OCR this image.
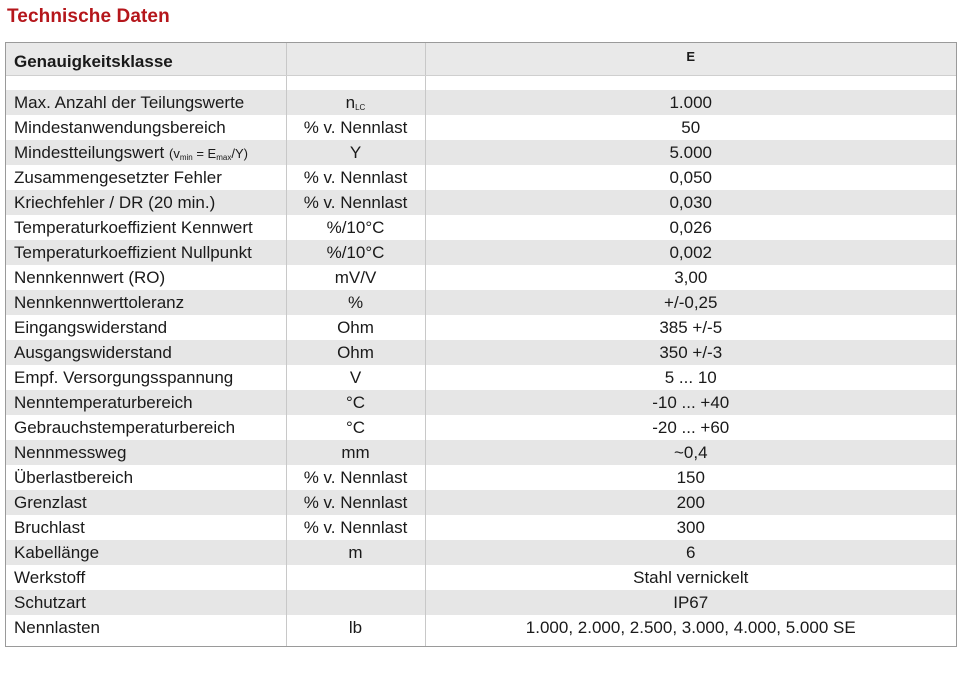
Technische Daten
Genauigkeitsklasse		E

Max. Anzahl der Teilungswerte	$n_{LC}$	1.000
Mindestanwendungsbereich	% v. Nennlast	50
Mindestteilungswert $(v_{min} = E_{max}/Y)$	Y	5.000
Zusammengesetzter Fehler	% v. Nennlast	0,050
Kriechfehler / DR (20 min.)	% v. Nennlast	0,030
Temperaturkoeffizient Kennwert	%/10°C	0,026
Temperaturkoeffizient Nullpunkt	%/10°C	0,002
Nennkennwert (RO)	mV/V	3,00
Nennkennwerttoleranz	%	+/-0,25
Eingangswiderstand	Ohm	385 +/-5
Ausgangswiderstand	Ohm	350 +/-3
Empf. Versorgungsspannung	V	5 ... 10
Nenntemperaturbereich	°C	-10 ... +40
Gebrauchstemperaturbereich	°C	-20 ... +60
Nennmessweg	mm	~0,4
Überlastbereich	% v. Nennlast	150
Grenzlast	% v. Nennlast	200
Bruchlast	% v. Nennlast	300
Kabellänge	m	6
Werkstoff		Stahl vernickelt
Schutzart		IP67
Nennlasten	lb	1.000, 2.000, 2.500, 3.000, 4.000, 5.000 SE
